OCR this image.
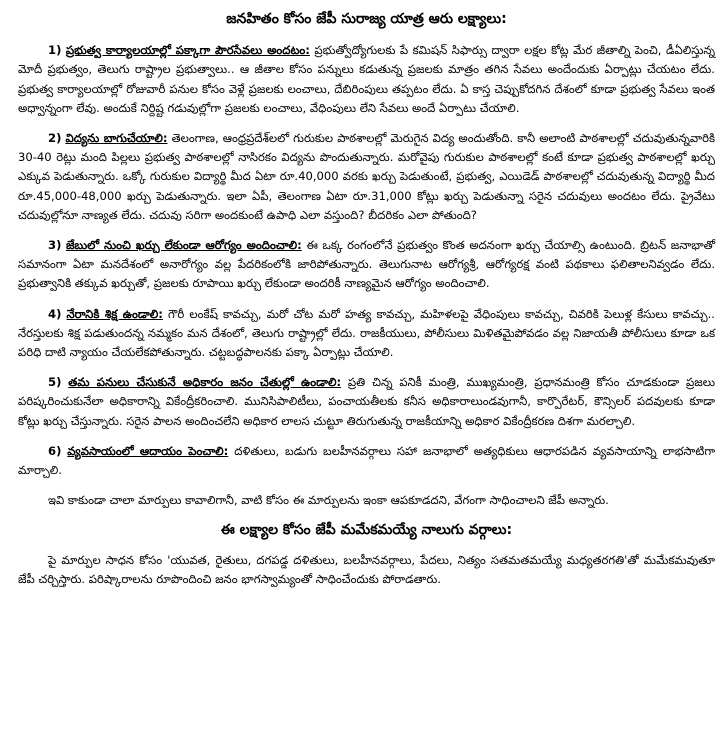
జనహితం కోసం జేపీ సురాజ్య యాత్ర ఆరు లక్ష్యాలు:
1) ప్రభుత్వ కార్యాలయాల్లో పక్కాగా పౌరసేవలు అందటం: ప్రభుత్వోద్యోగులకు పే కమిషన్ సిఫార్సు ద్వారా లక్షల కోట్ల మేర జీతాల్ని పెంచి, డీఏలిస్తున్న మోదీ ప్రభుత్వం, తెలుగు రాష్ట్రాల ప్రభుత్వాలు.. ఆ జీతాల కోసం పన్నులు కడుతున్న ప్రజలకు మాత్రం తగిన సేవలు అందేందుకు ఏర్పాట్లు చేయటం లేదు. ప్రభుత్వ కార్యాలయాల్లో రోజువారీ పనుల కోసం వెళ్లే ప్రజలకు లంచాలు, దేబిరింపులు తప్పటం లేదు. ఏ కాస్త చెప్పుకోదగిన దేశంలో కూడా ప్రభుత్వ సేవలు ఇంత అధ్వాన్నంగా లేవు. అందుకే నిర్దిష్ట గడువుల్లోగా ప్రజలకు లంచాలు, వేధింపులు లేని సేవలు అందే ఏర్పాటు చేయాలి.
2) విద్యను బాగుచేయాలి: తెలంగాణ, ఆంధ్రప్రదేశ్‌లలో గురుకుల పాఠశాలల్లో మెరుగైన విద్య అందుతోంది. కానీ అలాంటి పాఠశాలల్లో చదువుతున్నవారికి 30-40 రెట్లు మంది పిల్లలు ప్రభుత్వ పాఠశాలల్లో నాసిరకం విద్యను పొందుతున్నారు. మరోవైపు గురుకుల పాఠశాలల్లో కంటే కూడా ప్రభుత్వ పాఠశాలల్లో ఖర్చు ఎక్కువ పెడుతున్నారు. ఒక్కో గురుకుల విద్యార్థి మీద ఏటా రూ.40,000 వరకు ఖర్చు పెడుతుంటే, ప్రభుత్వ, ఎయిడెడ్ పాఠశాలల్లో చదువుతున్న విద్యార్థి మీద రూ.45,000-48,000 ఖర్చు పెడుతున్నారు. ఇలా ఏపీ, తెలంగాణ ఏటా రూ.31,000 కోట్లు ఖర్చు పెడుతున్నా సరైన చదువులు అందటం లేదు. ప్రైవేటు చదువుల్లోనూ నాణ్యత లేదు. చదువు సరిగా అందకుంటే ఉపాధి ఎలా వస్తుంది? బీదరికం ఎలా పోతుంది?
3) జేబులో నుంచి ఖర్చు లేకుండా ఆరోగ్యం అందించాలి: ఈ ఒక్క రంగంలోనే ప్రభుత్వం కొంత అదనంగా ఖర్చు చేయాల్సి ఉంటుంది. బ్రిటన్ జనాభాతో సమానంగా ఏటా మనదేశంలో అనారోగ్యం వల్ల పేదరికంలోకి జారిపోతున్నారు. తెలుగునాట ఆరోగ్యశ్రీ, ఆరోగ్యరక్ష వంటి పథకాలు ఫలితాలనివ్వడం లేదు. ప్రభుత్వానికి తక్కువ ఖర్చుతో, ప్రజలకు రూపాయి ఖర్చు లేకుండా అందరికీ నాణ్యమైన ఆరోగ్యం అందించాలి.
4) నేరానికి శిక్ష ఉండాలి: గౌరీ లంకేష్ కావచ్చు, మరో చోట మరో హత్య కావచ్చు, మహిళలపై వేధింపులు కావచ్చు, చివరికి పెలుళ్ల కేసులు కావచ్చు.. నేరస్తులకు శిక్ష పడుతుందన్న నమ్మకం మన దేశంలో, తెలుగు రాష్ట్రాల్లో లేదు. రాజకీయులు, పోలీసులు మిళితమైపోవడం వల్ల నిజాయతీ పోలీసులు కూడా ఒక పరిధి దాటి న్యాయం చేయలేకపోతున్నారు. చట్టబద్ధపాలనకు పక్కా ఏర్పాట్లు చేయాలి.
5) తమ పనులు చేసుకునే అధికారం జనం చేతుల్లో ఉండాలి: ప్రతి చిన్న పనికీ మంత్రి, ముఖ్యమంత్రి, ప్రధానమంత్రి కోసం చూడకుండా ప్రజలు పరిష్కరించుకునేలా అధికారాన్ని వికేంద్రీకరించాలి. మునిసిపాలిటీలు, పంచాయతీలకు కనీస అధికారాలుండవుగానీ, కార్పొరేటర్, కౌన్సిలర్ పదవులకు కూడా కోట్లు ఖర్చు చేస్తున్నారు. సరైన పాలన అందించలేని అధికార లాలస చుట్టూ తిరుగుతున్న రాజకీయాన్ని అధికార వికేంద్రీకరణ దిశగా మరల్చాలి.
6) వ్యవసాయంలో ఆదాయం పెంచాలి: దళితులు, బడుగు బలహీనవర్గాలు సహా జనాభాలో అత్యధికులు ఆధారపడిన వ్యవసాయాన్ని లాభసాటిగా మార్చాలి.

ఇవి కాకుండా చాలా మార్పులు కావాలిగానీ, వాటి కోసం ఈ మార్పులను ఇంకా ఆపకూడదని, వేగంగా సాధించాలని జేపీ అన్నారు.

ఈ లక్ష్యాల కోసం జేపీ మమేకమయ్యే నాలుగు వర్గాలు:

పై మార్పుల సాధన కోసం 'యువత, రైతులు, దగపడ్డ దళితులు, బలహీనవర్గాలు, పేదలు, నిత్యం సతమతమయ్యే మధ్యతరగతి'తో మమేకమవుతూ జేపీ చర్చిస్తారు. పరిష్కారాలను రూపొందించి జనం భాగస్వామ్యంతో సాధించేందుకు పోరాడతారు.
